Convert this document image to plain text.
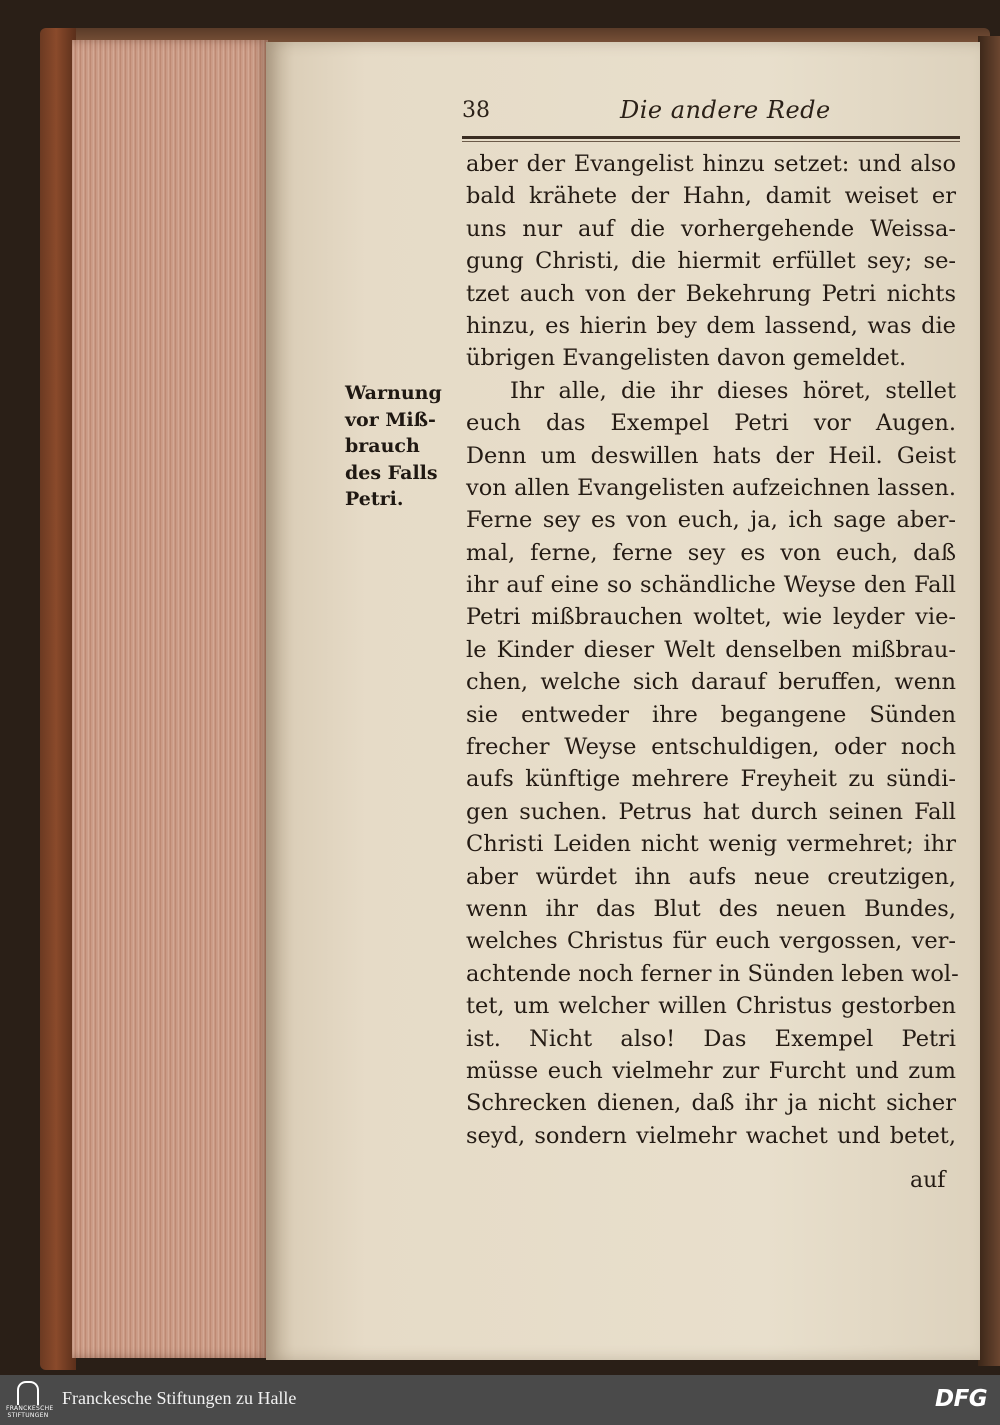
38	Die andere Rede
Warnung
vor Miß-
brauch
des Falls
Petri.
aber der Evangelist hinzu setzet: und also
bald krähete der Hahn, damit weiset er
uns nur auf die vorhergehende Weissa-
gung Christi, die hiermit erfüllet sey; se-
tzet auch von der Bekehrung Petri nichts
hinzu, es hierin bey dem lassend, was die
übrigen Evangelisten davon gemeldet.
Ihr alle, die ihr dieses höret, stellet
euch das Exempel Petri vor Augen.
Denn um deswillen hats der Heil. Geist
von allen Evangelisten aufzeichnen lassen.
Ferne sey es von euch, ja, ich sage aber-
mal, ferne, ferne sey es von euch, daß
ihr auf eine so schändliche Weyse den Fall
Petri mißbrauchen woltet, wie leyder vie-
le Kinder dieser Welt denselben mißbrau-
chen, welche sich darauf beruffen, wenn
sie entweder ihre begangene Sünden
frecher Weyse entschuldigen, oder noch
aufs künftige mehrere Freyheit zu sündi-
gen suchen. Petrus hat durch seinen Fall
Christi Leiden nicht wenig vermehret; ihr
aber würdet ihn aufs neue creutzigen,
wenn ihr das Blut des neuen Bundes,
welches Christus für euch vergossen, ver-
achtende noch ferner in Sünden leben wol-
tet, um welcher willen Christus gestorben
ist. Nicht also! Das Exempel Petri
müsse euch vielmehr zur Furcht und zum
Schrecken dienen, daß ihr ja nicht sicher
seyd, sondern vielmehr wachet und betet,
auf
FRANCKESCHE
STIFTUNGEN
Franckesche Stiftungen zu Halle	DFG
